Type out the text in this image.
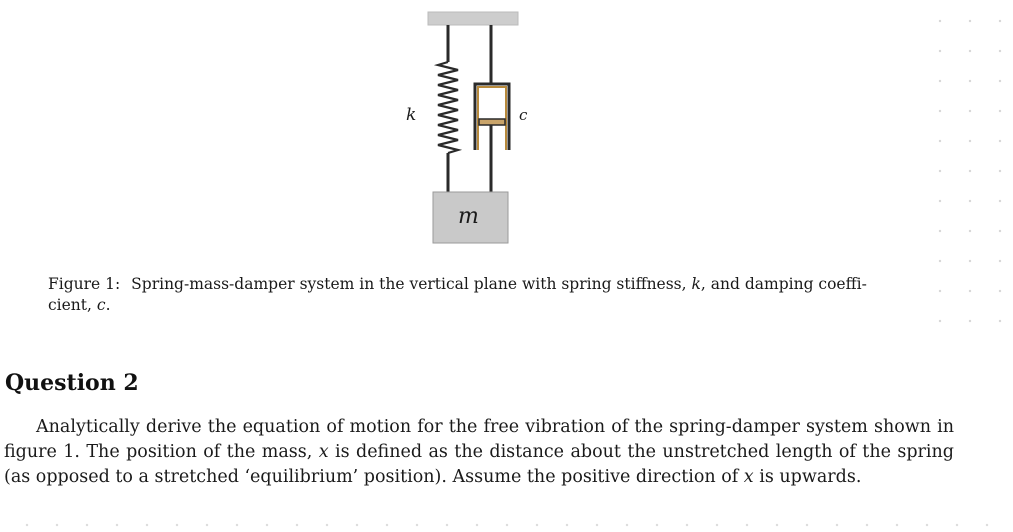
k	c
m
Figure 1: Spring-mass-damper system in the vertical plane with spring stiffness, k, and damping coeffi-
cient, c.
Question 2

Analytically derive the equation of motion for the free vibration of the spring-damper system shown in figure 1. The position of the mass, x is defined as the distance about the unstretched length of the spring (as opposed to a stretched ‘equilibrium’ position). Assume the positive direction of x is upwards.
